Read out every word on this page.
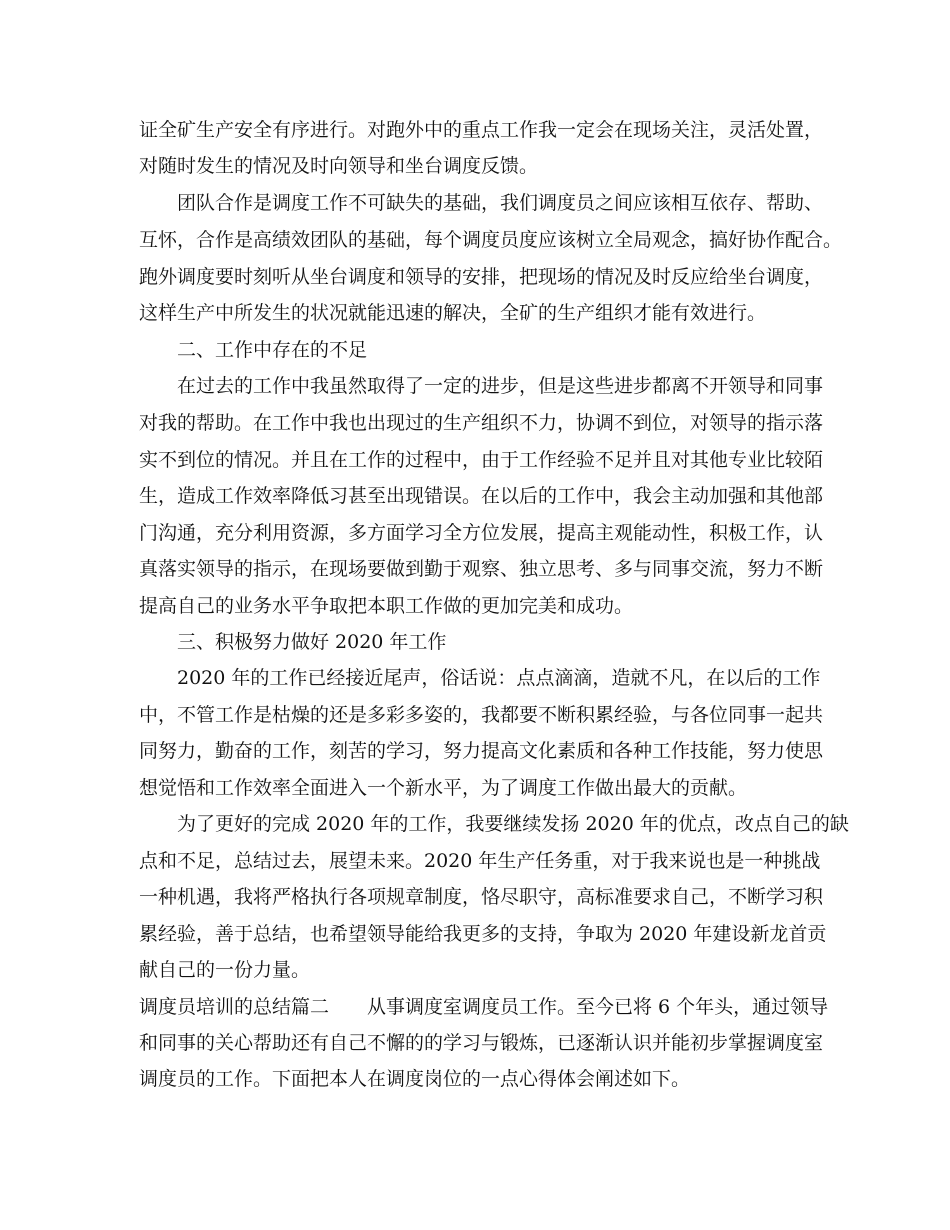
证全矿生产安全有序进行。对跑外中的重点工作我一定会在现场关注，灵活处置，
对随时发生的情况及时向领导和坐台调度反馈。
团队合作是调度工作不可缺失的基础，我们调度员之间应该相互依存、帮助、
互怀，合作是高绩效团队的基础，每个调度员度应该树立全局观念，搞好协作配合。
跑外调度要时刻听从坐台调度和领导的安排，把现场的情况及时反应给坐台调度，
这样生产中所发生的状况就能迅速的解决，全矿的生产组织才能有效进行。
二、工作中存在的不足
在过去的工作中我虽然取得了一定的进步，但是这些进步都离不开领导和同事
对我的帮助。在工作中我也出现过的生产组织不力，协调不到位，对领导的指示落
实不到位的情况。并且在工作的过程中，由于工作经验不足并且对其他专业比较陌
生，造成工作效率降低习甚至出现错误。在以后的工作中，我会主动加强和其他部
门沟通，充分利用资源，多方面学习全方位发展，提高主观能动性，积极工作，认
真落实领导的指示，在现场要做到勤于观察、独立思考、多与同事交流，努力不断
提高自己的业务水平争取把本职工作做的更加完美和成功。
三、积极努力做好 2020 年工作
2020 年的工作已经接近尾声，俗话说：点点滴滴，造就不凡，在以后的工作
中，不管工作是枯燥的还是多彩多姿的，我都要不断积累经验，与各位同事一起共
同努力，勤奋的工作，刻苦的学习，努力提高文化素质和各种工作技能，努力使思
想觉悟和工作效率全面进入一个新水平，为了调度工作做出最大的贡献。
为了更好的完成 2020 年的工作，我要继续发扬 2020 年的优点，改点自己的缺
点和不足，总结过去，展望未来。2020 年生产任务重，对于我来说也是一种挑战
一种机遇，我将严格执行各项规章制度，恪尽职守，高标准要求自己，不断学习积
累经验，善于总结，也希望领导能给我更多的支持，争取为 2020 年建设新龙首贡
献自己的一份力量。
调度员培训的总结篇二　　从事调度室调度员工作。至今已将 6 个年头，通过领导
和同事的关心帮助还有自己不懈的的学习与锻炼，已逐渐认识并能初步掌握调度室
调度员的工作。下面把本人在调度岗位的一点心得体会阐述如下。
